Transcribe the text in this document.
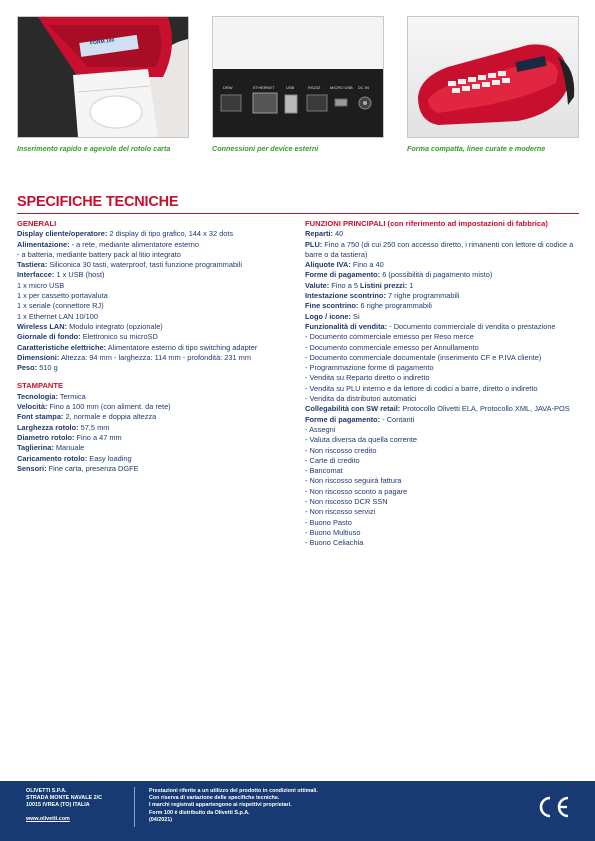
FORM 100
Inserimento rapido e agevole del rotolo carta
DRW	ETHERNET	USB	RS232 MICRO USB DC IN
Connessioni per device esterni	Forma compatta, linee curate e moderne
SPECIFICHE TECNICHE
GENERALI
Display cliente/operatore: 2 display di tipo grafico, 144 x 32 dots
Alimentazione: - a rete, mediante alimentatore esterno
- a batteria, mediante battery pack al litio integrato
Tastiera: Siliconica 30 tasti, waterproof, tasti funzione programmabili
Interfacce: 1 x USB (host)
1 x micro USB
1 x per cassetto portavaluta
1 x seriale (connettore RJ)
1 x Ethernet LAN 10/100
Wireless LAN: Modulo integrato (opzionale)
Giornale di fondo: Elettronico su microSD
Caratteristiche elettriche: Alimentatore esterno di tipo switching adapter
Dimensioni: Altezza: 94 mm - larghezza: 114 mm - profondità: 231 mm
Peso: 510 g
STAMPANTE
Tecnologia: Termica
Velocità: Fino a 100 mm (con aliment. da rete)
Font stampa: 2, normale e doppia altezza
Larghezza rotolo: 57,5 mm
Diametro rotolo: Fino a 47 mm
Taglierina: Manuale
Caricamento rotolo: Easy loading
Sensori: Fine carta, presenza DGFE
FUNZIONI PRINCIPALI (con riferimento ad impostazioni di fabbrica)
Reparti: 40
PLU: Fino a 750 (di cui 250 con accesso diretto, i rimanenti con lettore di codice a barre o da tastiera)
Aliquote IVA: Fino a 40
Forme di pagamento: 6 (possibilità di pagamento misto)
Valute: Fino a 5 Listini prezzi: 1
Intestazione scontrino: 7 righe programmabili
Fine scontrino: 6 righe programmabili
Logo / icone: Si
Funzionalità di vendita: - Documento commerciale di vendita o prestazione
- Documento commerciale emesso per Reso merce
- Documento commerciale emesso per Annullamento
- Documento commerciale documentale (inserimento CF e P.IVA cliente)
- Programmazione forme di pagamento
- Vendita su Reparto diretto o indiretto
- Vendita su PLU interno e da lettore di codici a barre, diretto o indiretto
- Vendita da distributori automatici
Collegabilità con SW retail: Protocollo Olivetti ELA, Protocollo XML, JAVA-POS
Forme di pagamento: - Contanti
- Assegni
- Valuta diversa da quella corrente
- Non riscosso credito
- Carte di credito
- Bancomat
- Non riscosso seguirà fattura
- Non riscosso sconto a pagare
- Non riscosso DCR SSN
- Non riscosso servizi
- Buono Pasto
- Buono Multiuso
- Buono Celiachia
OLIVETTI S.P.A.
STRADA MONTE NAVALE 2/C
10015 IVREA (TO) ITALIA
www.olivetti.com
Prestazioni riferite a un utilizzo del prodotto in condizioni ottimali.
Con riserva di variazione delle specifiche tecniche.
I marchi registrati appartengono ai rispettivi proprietari.
Form 100 è distribuito da Olivetti S.p.A.
(04/2021)
